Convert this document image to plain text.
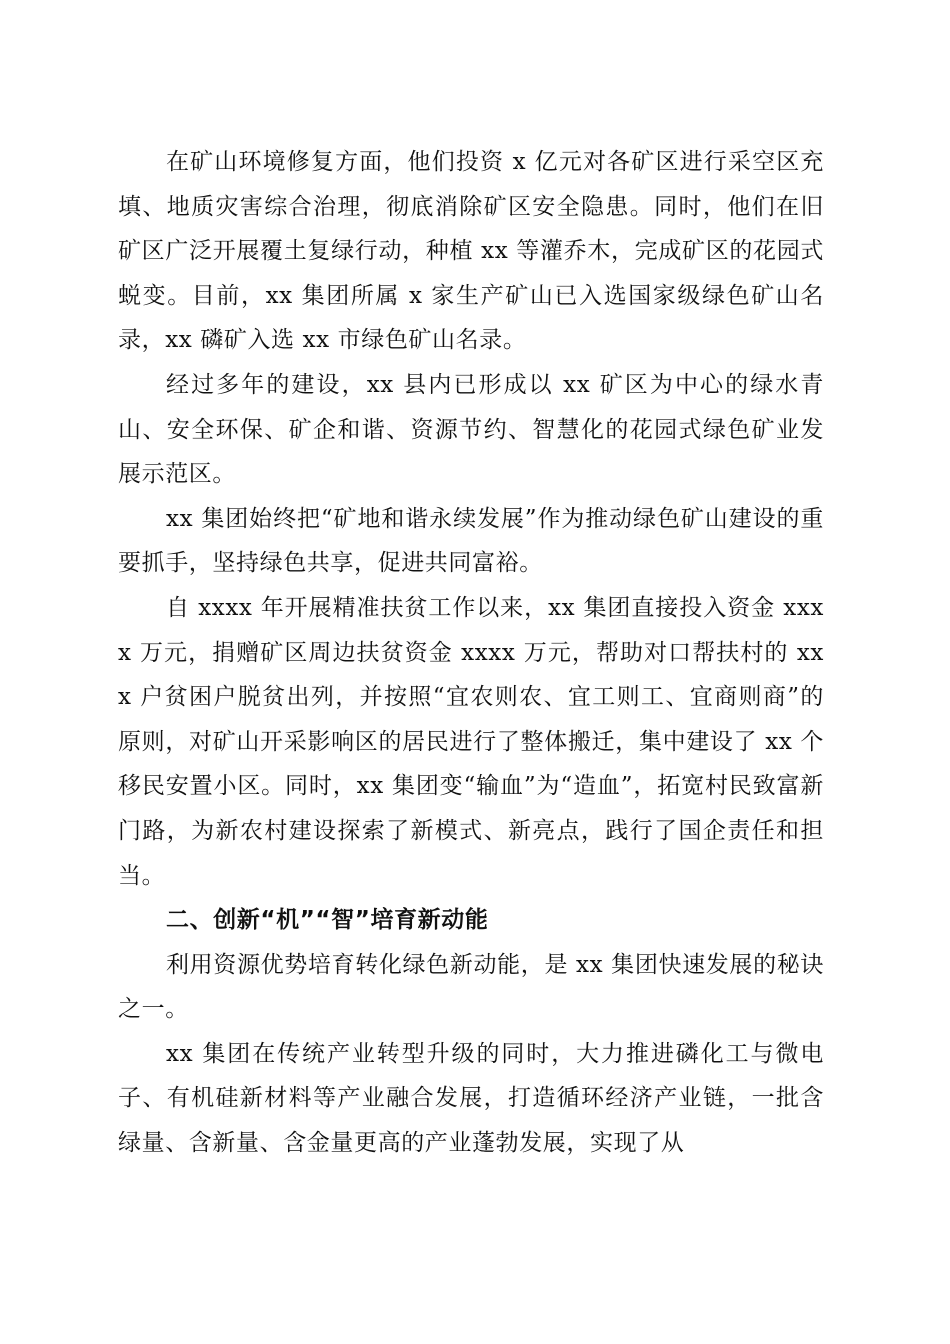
在矿山环境修复方面，他们投资 x 亿元对各矿区进行采空区充填、地质灾害综合治理，彻底消除矿区安全隐患。同时，他们在旧矿区广泛开展覆土复绿行动，种植 xx 等灌乔木，完成矿区的花园式蜕变。目前，xx 集团所属 x 家生产矿山已入选国家级绿色矿山名录，xx 磷矿入选 xx 市绿色矿山名录。

经过多年的建设，xx 县内已形成以 xx 矿区为中心的绿水青山、安全环保、矿企和谐、资源节约、智慧化的花园式绿色矿业发展示范区。

xx 集团始终把“矿地和谐永续发展”作为推动绿色矿山建设的重要抓手，坚持绿色共享，促进共同富裕。

自 xxxx 年开展精准扶贫工作以来，xx 集团直接投入资金 xxxx 万元，捐赠矿区周边扶贫资金 xxxx 万元，帮助对口帮扶村的 xxx 户贫困户脱贫出列，并按照“宜农则农、宜工则工、宜商则商”的原则，对矿山开采影响区的居民进行了整体搬迁，集中建设了 xx 个移民安置小区。同时，xx 集团变“输血”为“造血”，拓宽村民致富新门路，为新农村建设探索了新模式、新亮点，践行了国企责任和担当。

二、创新“机”“智”培育新动能

利用资源优势培育转化绿色新动能，是 xx 集团快速发展的秘诀之一。

xx 集团在传统产业转型升级的同时，大力推进磷化工与微电子、有机硅新材料等产业融合发展，打造循环经济产业链，一批含绿量、含新量、含金量更高的产业蓬勃发展，实现了从
